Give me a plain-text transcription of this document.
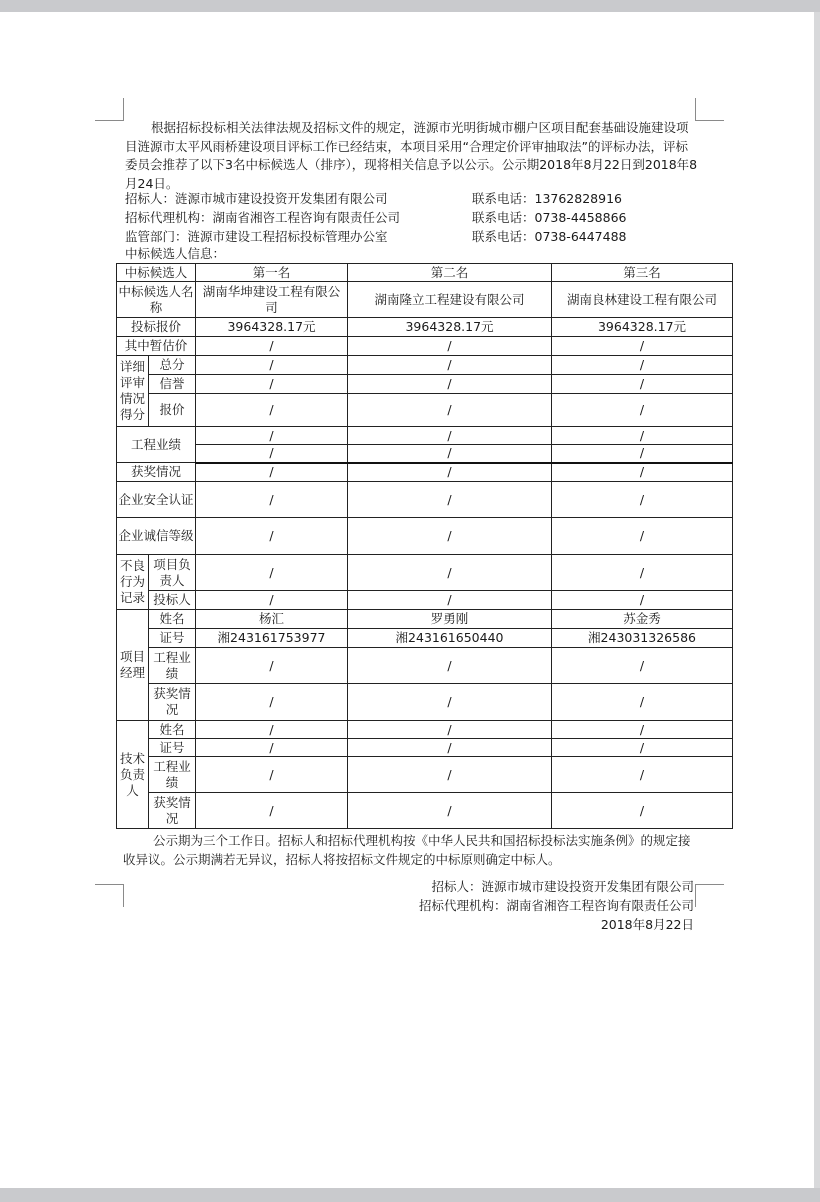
根据招标投标相关法律法规及招标文件的规定，涟源市光明街城市棚户区项目配套基础设施建设项目涟源市太平风雨桥建设项目评标工作已经结束，本项目采用“合理定价评审抽取法”的评标办法，评标委员会推荐了以下3名中标候选人（排序），现将相关信息予以公示。公示期2018年8月22日到2018年8月24日。
招标人：涟源市城市建设投资开发集团有限公司	联系电话：13762828916
招标代理机构：湖南省湘咨工程咨询有限责任公司	联系电话：0738-4458866
监管部门：涟源市建设工程招标投标管理办公室	联系电话：0738-6447488
中标候选人信息：
中标候选人		第一名	第二名	第三名
中标候选人名称		湖南华坤建设工程有限公司	湖南隆立工程建设有限公司	湖南良林建设工程有限公司
投标报价		3964328.17元	3964328.17元	3964328.17元
其中暂估价		/	/	/
详细评审情况得分	总分	/	/	/
	信誉	/	/	/
	报价	/	/	/
工程业绩		/	/	/
		/	/	/
获奖情况		/	/	/
企业安全认证		/	/	/
企业诚信等级		/	/	/
不良行为记录	项目负责人	/	/	/
	投标人	/	/	/
项目经理	姓名	杨汇	罗勇刚	苏金秀
	证号	湘243161753977	湘243161650440	湘243031326586
	工程业绩	/	/	/
	获奖情况	/	/	/
技术负责人	姓名	/	/	/
	证号	/	/	/
	工程业绩	/	/	/
	获奖情况	/	/	/
公示期为三个工作日。招标人和招标代理机构按《中华人民共和国招标投标法实施条例》的规定接收异议。公示期满若无异议，招标人将按招标文件规定的中标原则确定中标人。
招标人：涟源市城市建设投资开发集团有限公司
招标代理机构：湖南省湘咨工程咨询有限责任公司
2018年8月22日
